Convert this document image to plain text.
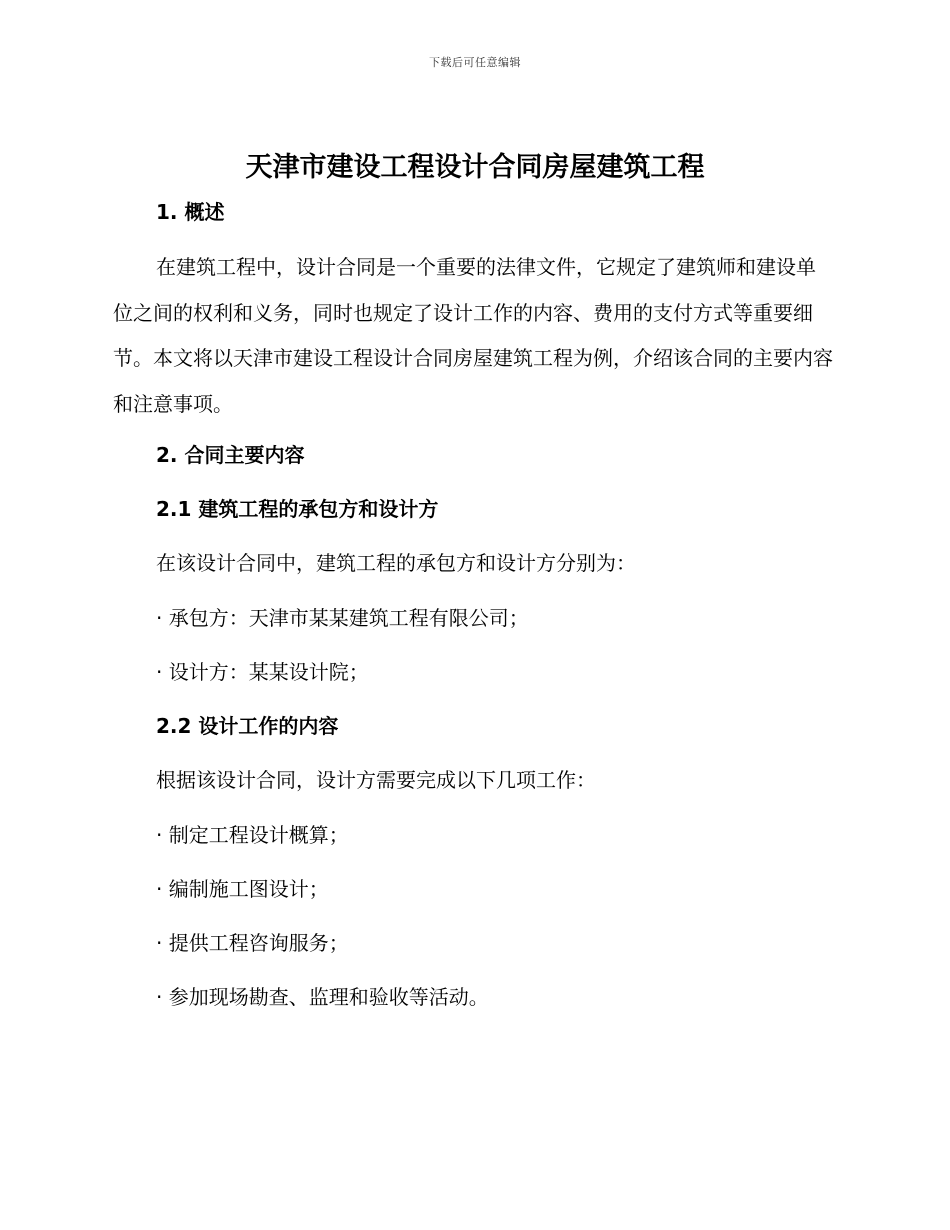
下载后可任意编辑
天津市建设工程设计合同房屋建筑工程
1. 概述

在建筑工程中，设计合同是一个重要的法律文件，它规定了建筑师和建设单位之间的权利和义务，同时也规定了设计工作的内容、费用的支付方式等重要细节。本文将以天津市建设工程设计合同房屋建筑工程为例，介绍该合同的主要内容和注意事项。

2. 合同主要内容
2.1 建筑工程的承包方和设计方

在该设计合同中，建筑工程的承包方和设计方分别为：

· 承包方：天津市某某建筑工程有限公司；

· 设计方：某某设计院；

2.2 设计工作的内容

根据该设计合同，设计方需要完成以下几项工作：

· 制定工程设计概算；

· 编制施工图设计；

· 提供工程咨询服务；

· 参加现场勘查、监理和验收等活动。
